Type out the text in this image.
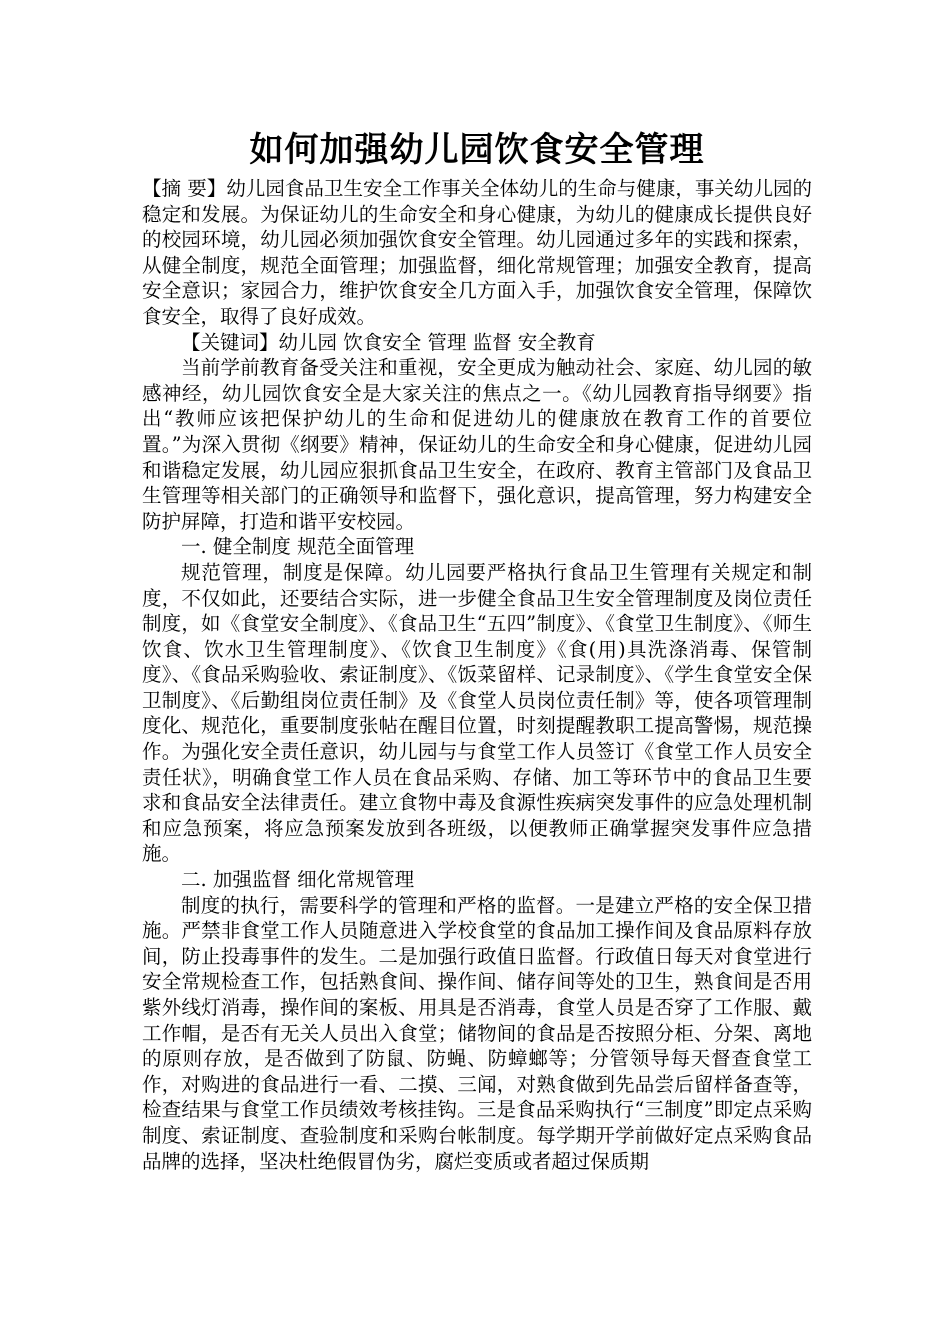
如何加强幼儿园饮食安全管理

【摘 要】幼儿园食品卫生安全工作事关全体幼儿的生命与健康，事关幼儿园的稳定和发展。为保证幼儿的生命安全和身心健康，为幼儿的健康成长提供良好的校园环境，幼儿园必须加强饮食安全管理。幼儿园通过多年的实践和探索，从健全制度，规范全面管理；加强监督，细化常规管理；加强安全教育，提高安全意识；家园合力，维护饮食安全几方面入手，加强饮食安全管理，保障饮食安全，取得了良好成效。

【关键词】幼儿园 饮食安全 管理 监督 安全教育

当前学前教育备受关注和重视，安全更成为触动社会、家庭、幼儿园的敏感神经，幼儿园饮食安全是大家关注的焦点之一。《幼儿园教育指导纲要》指出“教师应该把保护幼儿的生命和促进幼儿的健康放在教育工作的首要位置。”为深入贯彻《纲要》精神，保证幼儿的生命安全和身心健康，促进幼儿园和谐稳定发展，幼儿园应狠抓食品卫生安全，在政府、教育主管部门及食品卫生管理等相关部门的正确领导和监督下，强化意识，提高管理，努力构建安全防护屏障，打造和谐平安校园。

一. 健全制度 规范全面管理

规范管理，制度是保障。幼儿园要严格执行食品卫生管理有关规定和制度，不仅如此，还要结合实际，进一步健全食品卫生安全管理制度及岗位责任制度，如《食堂安全制度》、《食品卫生“五四”制度》、《食堂卫生制度》、《师生饮食、饮水卫生管理制度》、《饮食卫生制度》《食(用)具洗涤消毒、保管制度》、《食品采购验收、索证制度》、《饭菜留样、记录制度》、《学生食堂安全保卫制度》、《后勤组岗位责任制》及《食堂人员岗位责任制》等，使各项管理制度化、规范化，重要制度张帖在醒目位置，时刻提醒教职工提高警惕，规范操作。为强化安全责任意识，幼儿园与与食堂工作人员签订《食堂工作人员安全责任状》，明确食堂工作人员在食品采购、存储、加工等环节中的食品卫生要求和食品安全法律责任。建立食物中毒及食源性疾病突发事件的应急处理机制和应急预案，将应急预案发放到各班级，以便教师正确掌握突发事件应急措施。

二. 加强监督 细化常规管理

制度的执行，需要科学的管理和严格的监督。一是建立严格的安全保卫措施。严禁非食堂工作人员随意进入学校食堂的食品加工操作间及食品原料存放间，防止投毒事件的发生。二是加强行政值日监督。行政值日每天对食堂进行安全常规检查工作，包括熟食间、操作间、储存间等处的卫生，熟食间是否用紫外线灯消毒，操作间的案板、用具是否消毒，食堂人员是否穿了工作服、戴工作帽，是否有无关人员出入食堂；储物间的食品是否按照分柜、分架、离地的原则存放，是否做到了防鼠、防蝇、防蟑螂等；分管领导每天督查食堂工作，对购进的食品进行一看、二摸、三闻，对熟食做到先品尝后留样备查等，检查结果与食堂工作员绩效考核挂钩。三是食品采购执行“三制度”即定点采购制度、索证制度、查验制度和采购台帐制度。每学期开学前做好定点采购食品品牌的选择，坚决杜绝假冒伪劣，腐烂变质或者超过保质期
